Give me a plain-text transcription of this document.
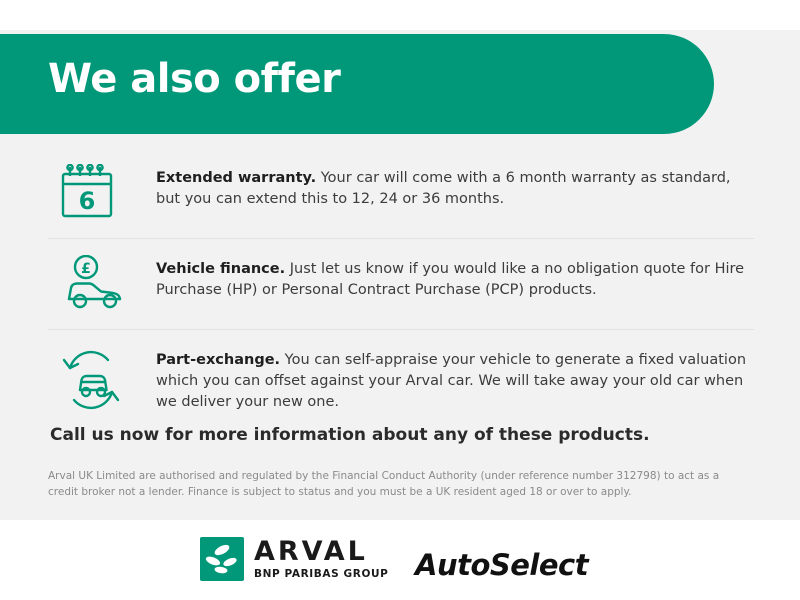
We also offer
6
Extended warranty. Your car will come with a 6 month warranty as standard, but you can extend this to 12, 24 or 36 months.
£	Vehicle finance. Just let us know if you would like a no obligation quote for Hire Purchase (HP) or Personal Contract Purchase (PCP) products.
Part-exchange. You can self-appraise your vehicle to generate a fixed valuation which you can offset against your Arval car. We will take away your old car when we deliver your new one.
Call us now for more information about any of these products.
Arval UK Limited are authorised and regulated by the Financial Conduct Authority (under reference number 312798) to act as a credit broker not a lender. Finance is subject to status and you must be a UK resident aged 18 or over to apply.
ARVAL
BNP PARIBAS GROUP AutoSelect
